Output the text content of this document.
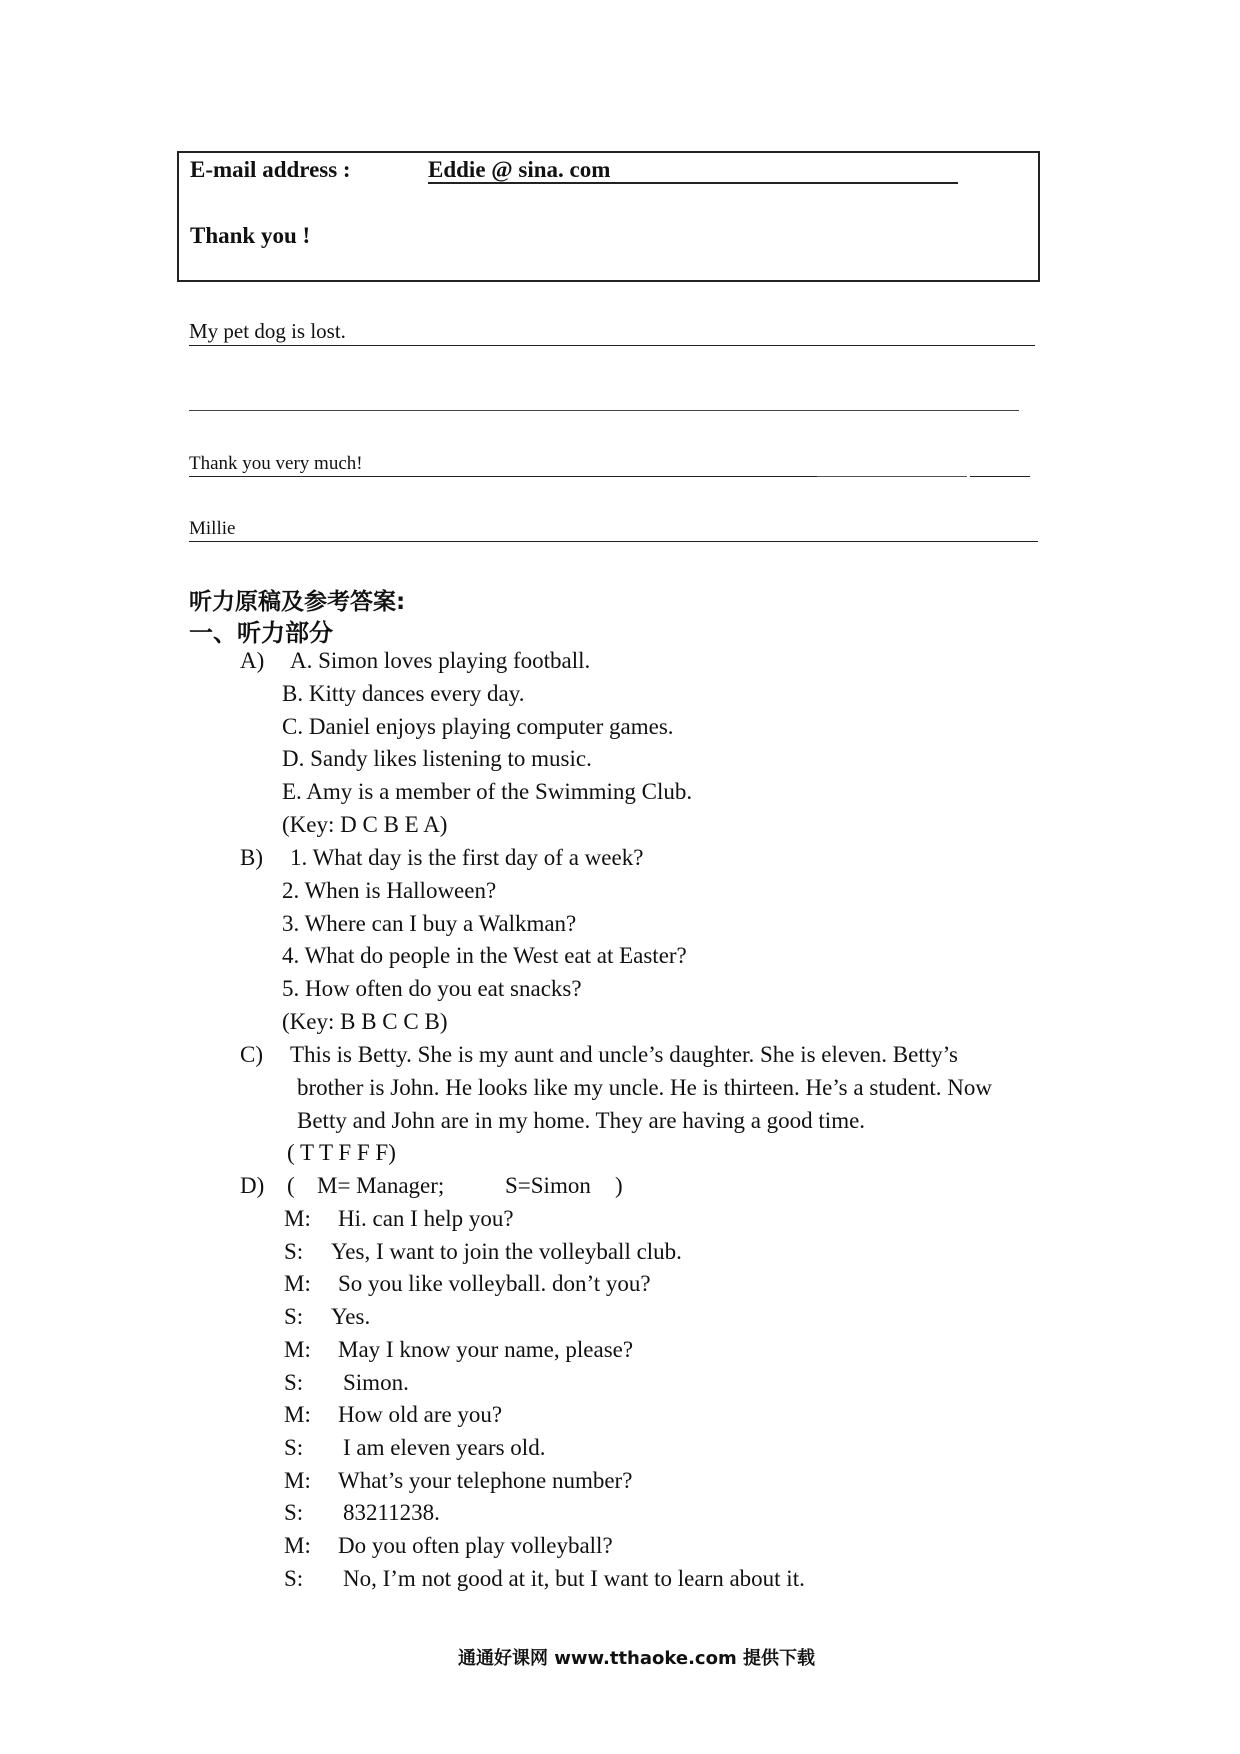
E-mail address :	Eddie @ sina. com
Thank you !
My pet dog is lost.
Thank you very much!
Millie
听力原稿及参考答案:
一、听力部分
A) A. Simon loves playing football.
B. Kitty dances every day.
C. Daniel enjoys playing computer games.
D. Sandy likes listening to music.
E. Amy is a member of the Swimming Club.
(Key: D C B E A)
B) 1. What day is the first day of a week?
2. When is Halloween?
3. Where can I buy a Walkman?
4. What do people in the West eat at Easter?
5. How often do you eat snacks?
(Key: B B C C B)
C) This is Betty. She is my aunt and uncle’s daughter. She is eleven. Betty’s
brother is John. He looks like my uncle. He is thirteen. He’s a student. Now
Betty and John are in my home. They are having a good time.
( T T F F F)
D) ( M= Manager;	S=Simon )
M: Hi. can I help you?
S: Yes, I want to join the volleyball club.
M: So you like volleyball. don’t you?
S: Yes.
M: May I know your name, please?
S: Simon.
M: How old are you?
S: I am eleven years old.
M: What’s your telephone number?
S: 83211238.
M: Do you often play volleyball?
S: No, I’m not good at it, but I want to learn about it.
通通好课网 www.tthaoke.com 提供下载
